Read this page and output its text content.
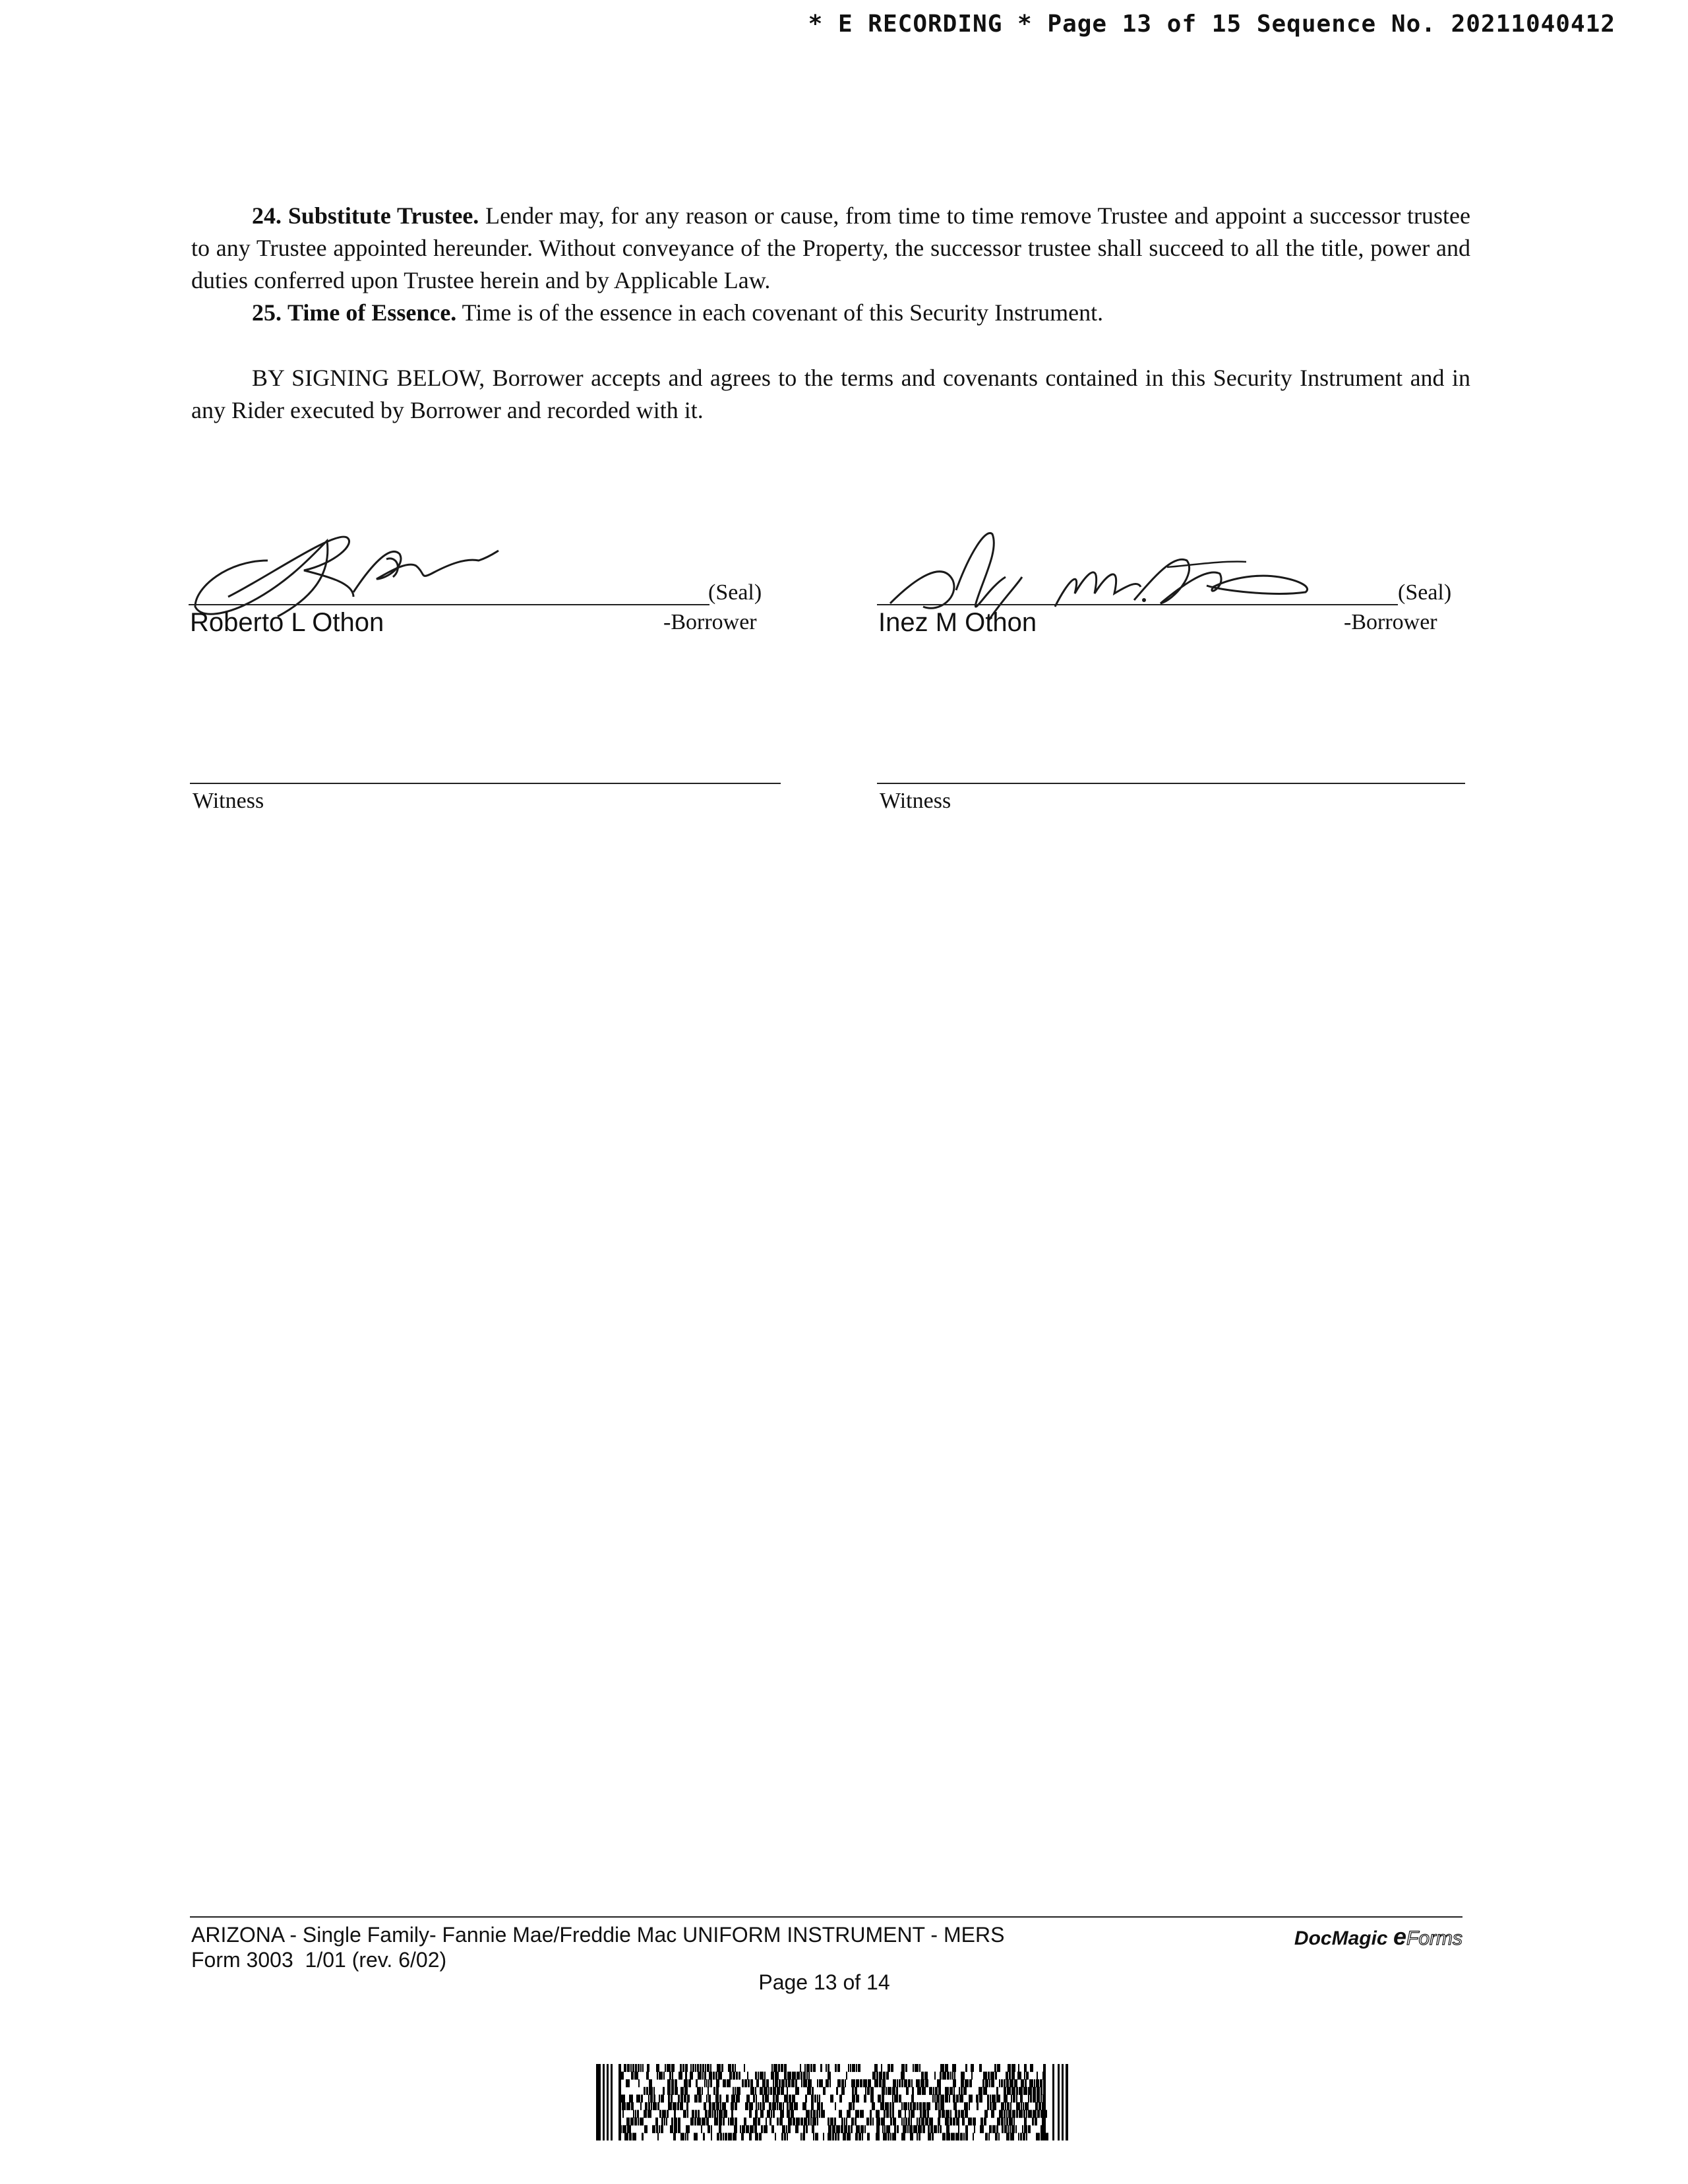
* E RECORDING * Page 13 of 15 Sequence No. 20211040412

24. Substitute Trustee. Lender may, for any reason or cause, from time to time remove Trustee and appoint a successor trustee to any Trustee appointed hereunder. Without conveyance of the Property, the successor trustee shall succeed to all the title, power and duties conferred upon Trustee herein and by Applicable Law.

25. Time of Essence. Time is of the essence in each covenant of this Security Instrument.

BY SIGNING BELOW, Borrower accepts and agrees to the terms and covenants contained in this Security Instrument and in any Rider executed by Borrower and recorded with it.

(Seal)
Roberto L Othon	-Borrower
(Seal)
Inez M Othon	-Borrower
Witness	Witness
ARIZONA - Single Family- Fannie Mae/Freddie Mac UNIFORM INSTRUMENT - MERS
Form 3003  1/01 (rev. 6/02)
DocMagic eForms
Page 13 of 14
